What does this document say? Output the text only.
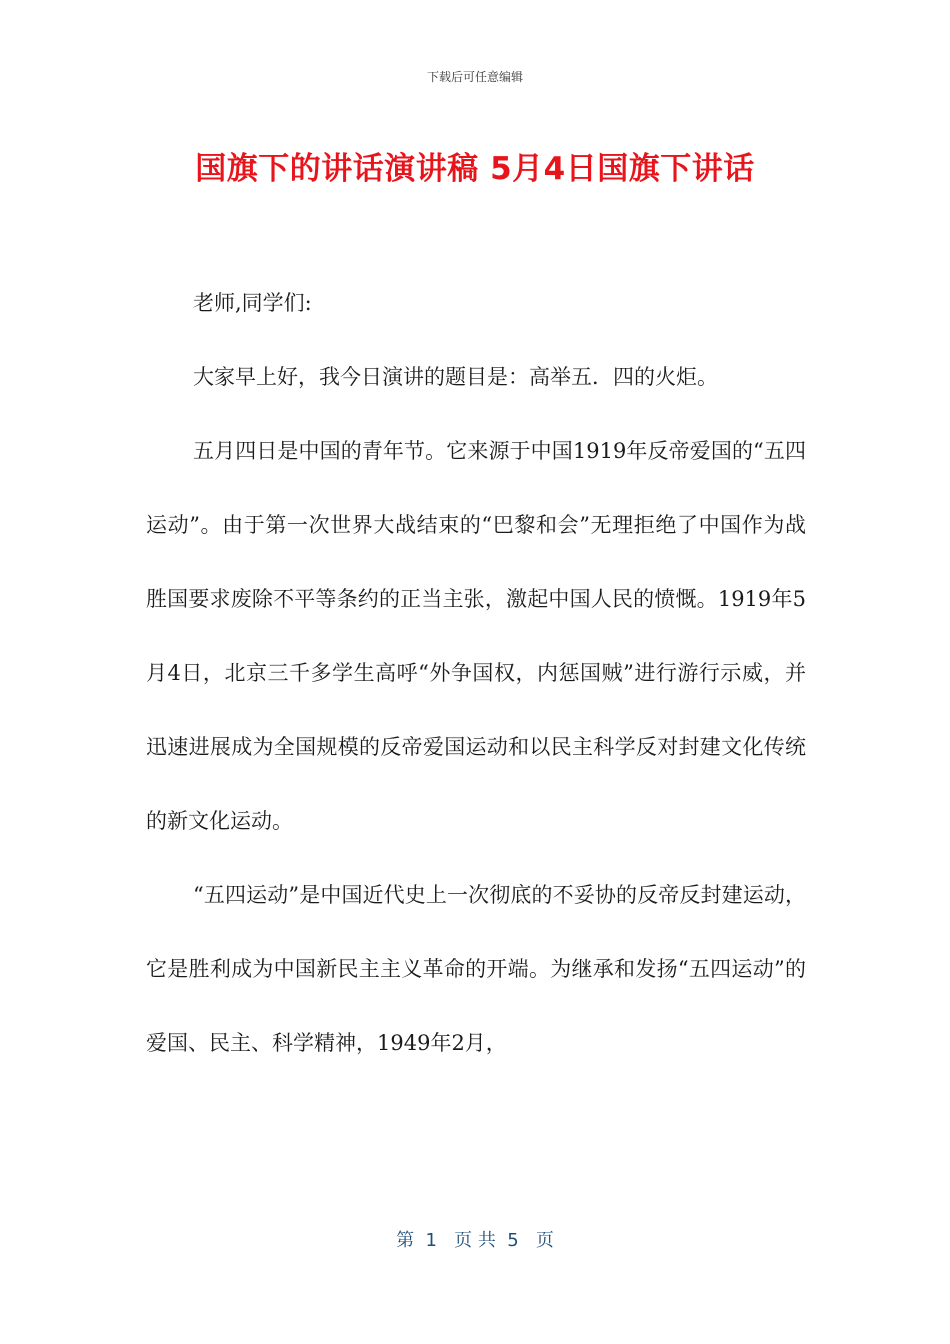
下载后可任意编辑
国旗下的讲话演讲稿 5月4日国旗下讲话

老师,同学们:

大家早上好，我今日演讲的题目是：高举五．四的火炬。

五月四日是中国的青年节。它来源于中国1919年反帝爱国的“五四运动”。由于第一次世界大战结束的“巴黎和会”无理拒绝了中国作为战胜国要求废除不平等条约的正当主张，激起中国人民的愤慨。1919年5月4日，北京三千多学生高呼“外争国权，内惩国贼”进行游行示威，并迅速进展成为全国规模的反帝爱国运动和以民主科学反对封建文化传统的新文化运动。

“五四运动”是中国近代史上一次彻底的不妥协的反帝反封建运动，它是胜利成为中国新民主主义革命的开端。为继承和发扬“五四运动”的爱国、民主、科学精神，1949年2月，

第  1   页 共  5   页
